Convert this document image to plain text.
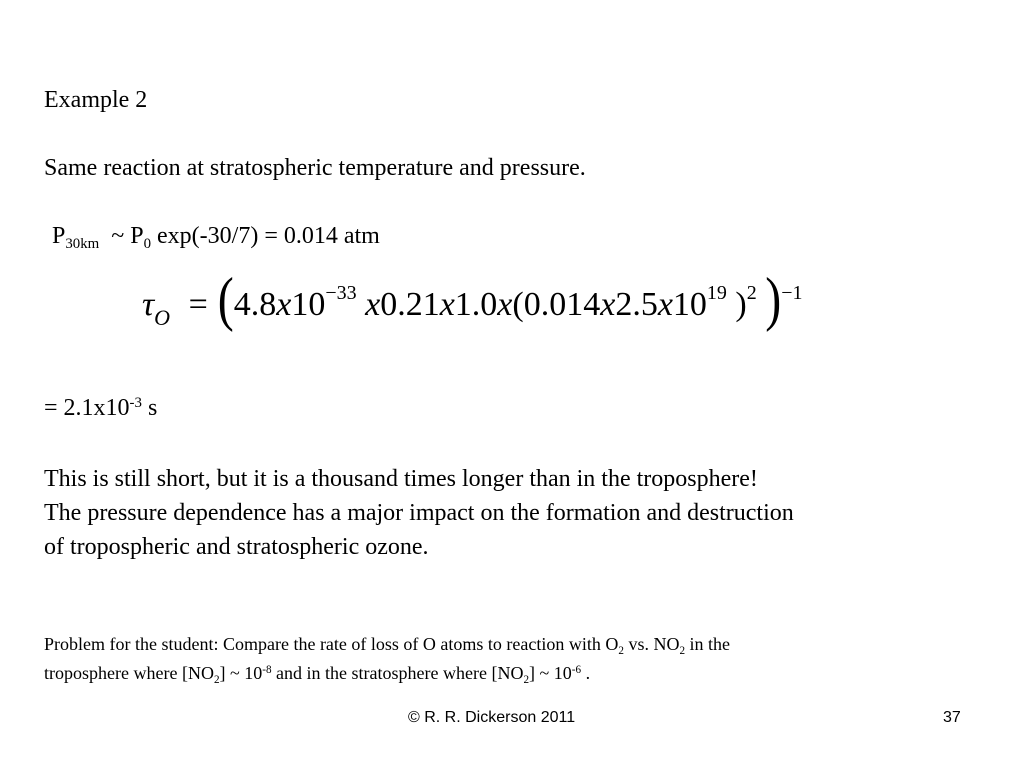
Example 2
Same reaction at stratospheric temperature and pressure.
$P_{30km}$ ~ $P_0$ exp(-30/7) = 0.014 atm
$\tau_O = (4.8x10^{-33}$ $x0.21x1.0x(0.014x2.5x10^{19}$ )$^2$ )$^{-1}$
= $2.1x10^{-3}$ s
This is still short, but it is a thousand times longer than in the troposphere!
The pressure dependence has a major impact on the formation and destruction
of tropospheric and stratospheric ozone.
Problem for the student: Compare the rate of loss of O atoms to reaction with $O_2$ vs. $NO_2$ in the
troposphere where $[NO_2]$ ~ $10^{-8}$ and in the stratosphere where $[NO_2]$ ~ $10^{-6}$ .
© R. R. Dickerson 2011	37
